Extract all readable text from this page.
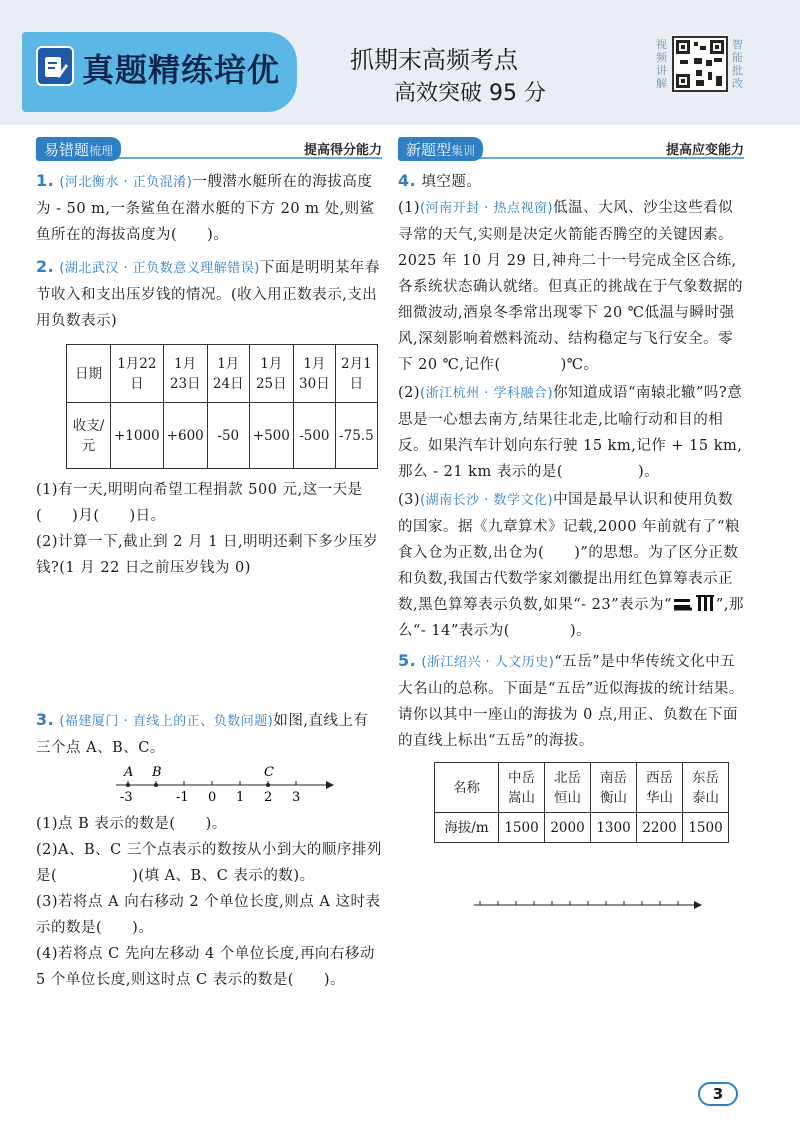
真题精练培优	抓期末高频考点
高效突破 95 分
视频讲解
智能批改
易错题梳理	提高得分能力	新题型集训	提高应变能力
1. (河北衡水 · 正负混淆)一艘潜水艇所在的海拔高度为 - 50 m,一条鲨鱼在潜水艇的下方 20 m 处,则鲨鱼所在的海拔高度为(　　)。
2. (湖北武汉 · 正负数意义理解错误)下面是明明某年春节收入和支出压岁钱的情况。(收入用正数表示,支出用负数表示)
日期	1月22日	1月23日	1月24日	1月25日	1月30日	2月1日
收支/元	+1000	+600	-50	+500	-500	-75.5
(1)有一天,明明向希望工程捐款 500 元,这一天是(　　)月(　　)日。
(2)计算一下,截止到 2 月 1 日,明明还剩下多少压岁钱?(1 月 22 日之前压岁钱为 0)
3. (福建厦门 · 直线上的正、负数问题)如图,直线上有三个点 A、B、C。
A B	C
-3	-1 0 1 2 3
(1)点 B 表示的数是(　　)。
(2)A、B、C 三个点表示的数按从小到大的顺序排列是(　　　　　)(填 A、B、C 表示的数)。
(3)若将点 A 向右移动 2 个单位长度,则点 A 这时表示的数是(　　)。
(4)若将点 C 先向左移动 4 个单位长度,再向右移动 5 个单位长度,则这时点 C 表示的数是(　　)。
4. 填空题。
(1)(河南开封 · 热点视窗)低温、大风、沙尘这些看似寻常的天气,实则是决定火箭能否腾空的关键因素。2025 年 10 月 29 日,神舟二十一号完成全区合练,各系统状态确认就绪。但真正的挑战在于气象数据的细微波动,酒泉冬季常出现零下 20 ℃低温与瞬时强风,深刻影响着燃料流动、结构稳定与飞行安全。零下 20 ℃,记作(　　　　)℃。
(2)(浙江杭州 · 学科融合)你知道成语“南辕北辙”吗?意思是一心想去南方,结果往北走,比喻行动和目的相反。如果汽车计划向东行驶 15 km,记作 + 15 km,那么 - 21 km 表示的是(　　　　　)。
(3)(湖南长沙 · 数学文化)中国是最早认识和使用负数的国家。据《九章算术》记载,2000 年前就有了“粮食入仓为正数,出仓为(　　)”的思想。为了区分正数和负数,我国古代数学家刘徽提出用红色算筹表示正数,黑色算筹表示负数,如果“- 23”表示为“	”,那么“- 14”表示为(　　　　)。
5. (浙江绍兴 · 人文历史)“五岳”是中华传统文化中五大名山的总称。下面是“五岳”近似海拔的统计结果。请你以其中一座山的海拔为 0 点,用正、负数在下面的直线上标出“五岳”的海拔。
名称	中岳嵩山	北岳恒山	南岳衡山	西岳华山	东岳泰山
海拔/m	1500	2000	1300	2200	1500
3
